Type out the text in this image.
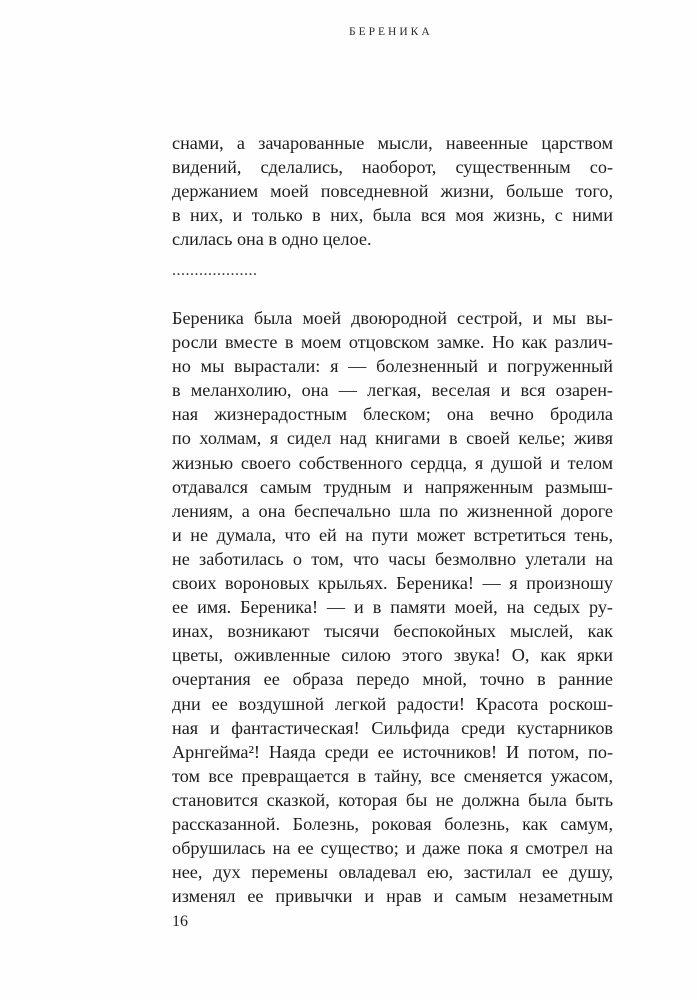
БЕРЕНИКА
снами, а зачарованные мысли, навеенные царством
видений, сделались, наоборот, существенным со-
держанием моей повседневной жизни, больше того,
в них, и только в них, была вся моя жизнь, с ними
слилась она в одно целое.
...................
Береника была моей двоюродной сестрой, и мы вы-
росли вместе в моем отцовском замке. Но как различ-
но мы вырастали: я — болезненный и погруженный
в меланхолию, она — легкая, веселая и вся озарен-
ная жизнерадостным блеском; она вечно бродила
по холмам, я сидел над книгами в своей келье; живя
жизнью своего собственного сердца, я душой и телом
отдавался самым трудным и напряженным размыш-
лениям, а она беспечально шла по жизненной дороге
и не думала, что ей на пути может встретиться тень,
не заботилась о том, что часы безмолвно улетали на
своих вороновых крыльях. Береника! — я произношу
ее имя. Береника! — и в памяти моей, на седых ру-
инах, возникают тысячи беспокойных мыслей, как
цветы, оживленные силою этого звука! О, как ярки
очертания ее образа передо мной, точно в ранние
дни ее воздушной легкой радости! Красота роскош-
ная и фантастическая! Сильфида среди кустарников
Арнгейма²! Наяда среди ее источников! И потом, по-
том все превращается в тайну, все сменяется ужасом,
становится сказкой, которая бы не должна была быть
рассказанной. Болезнь, роковая болезнь, как самум,
обрушилась на ее существо; и даже пока я смотрел на
нее, дух перемены овладевал ею, застилал ее душу,
изменял ее привычки и нрав и самым незаметным
16
